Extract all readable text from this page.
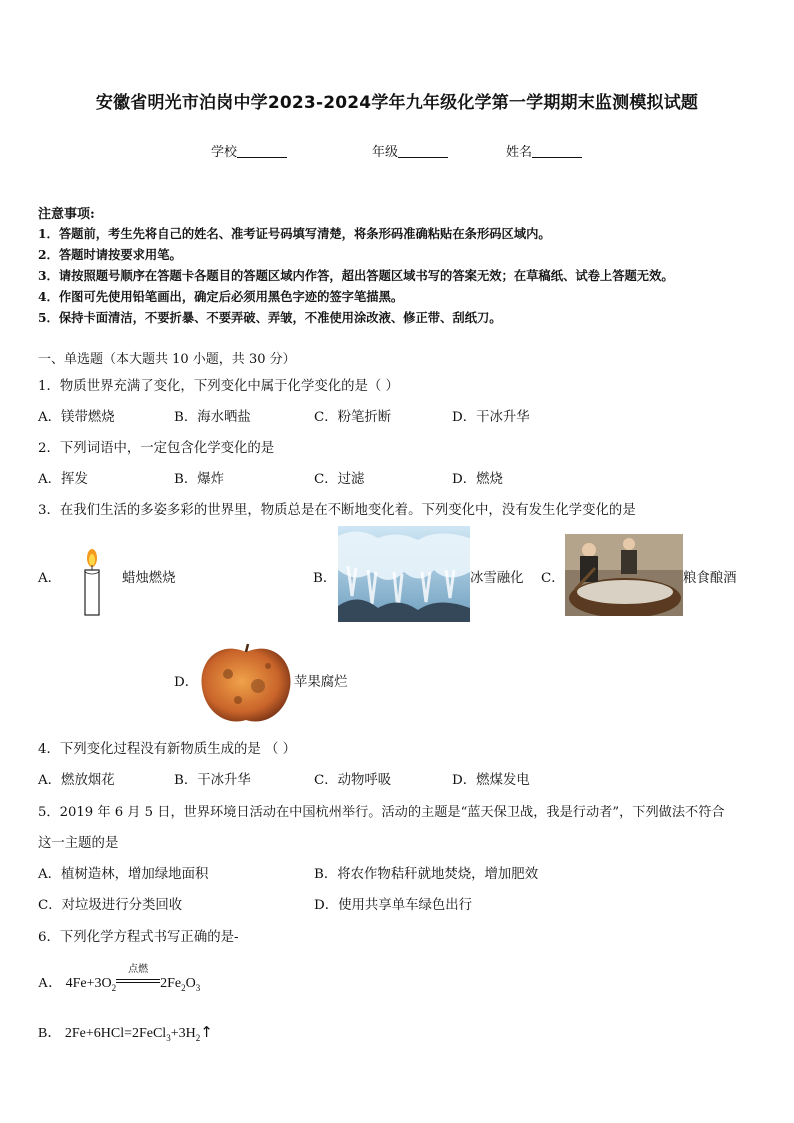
安徽省明光市泊岗中学2023-2024学年九年级化学第一学期期末监测模拟试题
学校	年级	姓名
注意事项:
1．答题前，考生先将自己的姓名、准考证号码填写清楚，将条形码准确粘贴在条形码区域内。
2．答题时请按要求用笔。
3．请按照题号顺序在答题卡各题目的答题区域内作答，超出答题区域书写的答案无效；在草稿纸、试卷上答题无效。
4．作图可先使用铅笔画出，确定后必须用黑色字迹的签字笔描黑。
5．保持卡面清洁，不要折暴、不要弄破、弄皱，不准使用涂改液、修正带、刮纸刀。
一、单选题（本大题共 10 小题，共 30 分）
1．物质世界充满了变化，下列变化中属于化学变化的是（ ）
A．镁带燃烧	B．海水晒盐	C．粉笔折断	D．干冰升华
2．下列词语中，一定包含化学变化的是
A．挥发	B．爆炸	C．过滤	D．燃烧
3．在我们生活的多姿多彩的世界里，物质总是在不断地变化着。下列变化中，没有发生化学变化的是
A．	蜡烛燃烧	B．	冰雪融化 C．	粮食酿酒
D．	苹果腐烂
4．下列变化过程没有新物质生成的是 （ ）
A．燃放烟花	B．干冰升华	C．动物呼吸	D．燃煤发电
5．2019 年 6 月 5 日，世界环境日活动在中国杭州举行。活动的主题是“蓝天保卫战，我是行动者”，下列做法不符合
这一主题的是
A．植树造林，增加绿地面积	B．将农作物秸秆就地焚烧，增加肥效
C．对垃圾进行分类回收	D．使用共享单车绿色出行
6．下列化学方程式书写正确的是-
A． $4Fe+3O_2$
点燃
$2Fe_2O_3$
B． $2Fe+6HCl=2FeCl_3+3H_2↑$
